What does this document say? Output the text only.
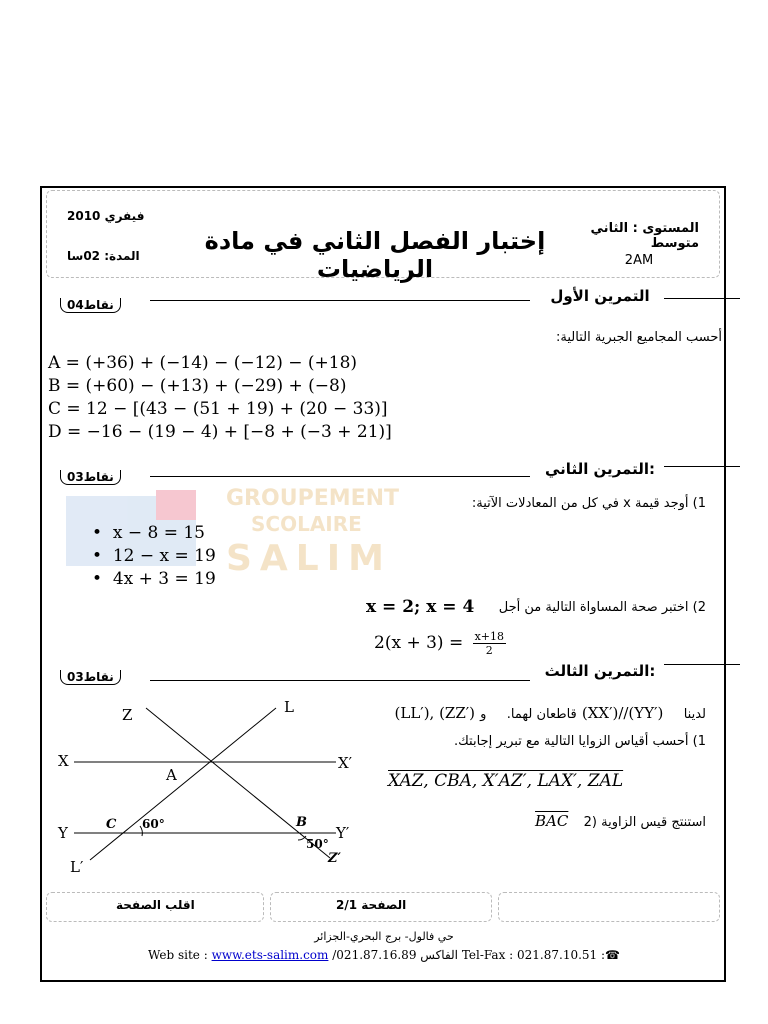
المستوى : الثاني متوسط
2AM
إختبار الفصل الثاني في مادة الرياضيات
فيفري 2010
المدة: 02سا
GROUPEMENT
SCOLAIRE
SALIM
التمرين الأول
04نقاط
أحسب المجاميع الجبرية التالية:
A = (+36) + (−14) − (−12) − (+18)
B = (+60) − (+13) + (−29) + (−8)
C = 12 − [(43 − (51 + 19) + (20 − 33)]
D = −16 − (19 − 4) + [−8 + (−3 + 21)]
التمرين الثاني:
03نقاط
1) أوجد قيمة x في كل من المعادلات الآتية:
•  x − 8 = 15
•  12 − x = 19
•  4x + 3 = 19
2) اختبر صحة المساواة التالية من أجل
x = 2; x = 4
$2(x + 3) = \frac{x+18}{2}$
التمرين الثالث:
03نقاط
(LL′), (ZZ′) قاطعان لهما.    و	(XX′)//(YY′) لدينا
1) أحسب أقياس الزوايا التالية مع تبرير إجابتك.
XAZ, CBA, X′AZ′, LAX′, ZAL
$\overline{BAC}$ 2) استنتج قيس الزاوية
Z	L
X	X′
A
Y	Y′
C	B
L′	Z′
60°
50°
اقلب الصفحة	الصفحة 2/1
حي فالول- برج البحري-الجزائر
Web site : www.ets-salim.com /021.87.16.89 الفاكس Tel-Fax : 021.87.10.51 :☎
